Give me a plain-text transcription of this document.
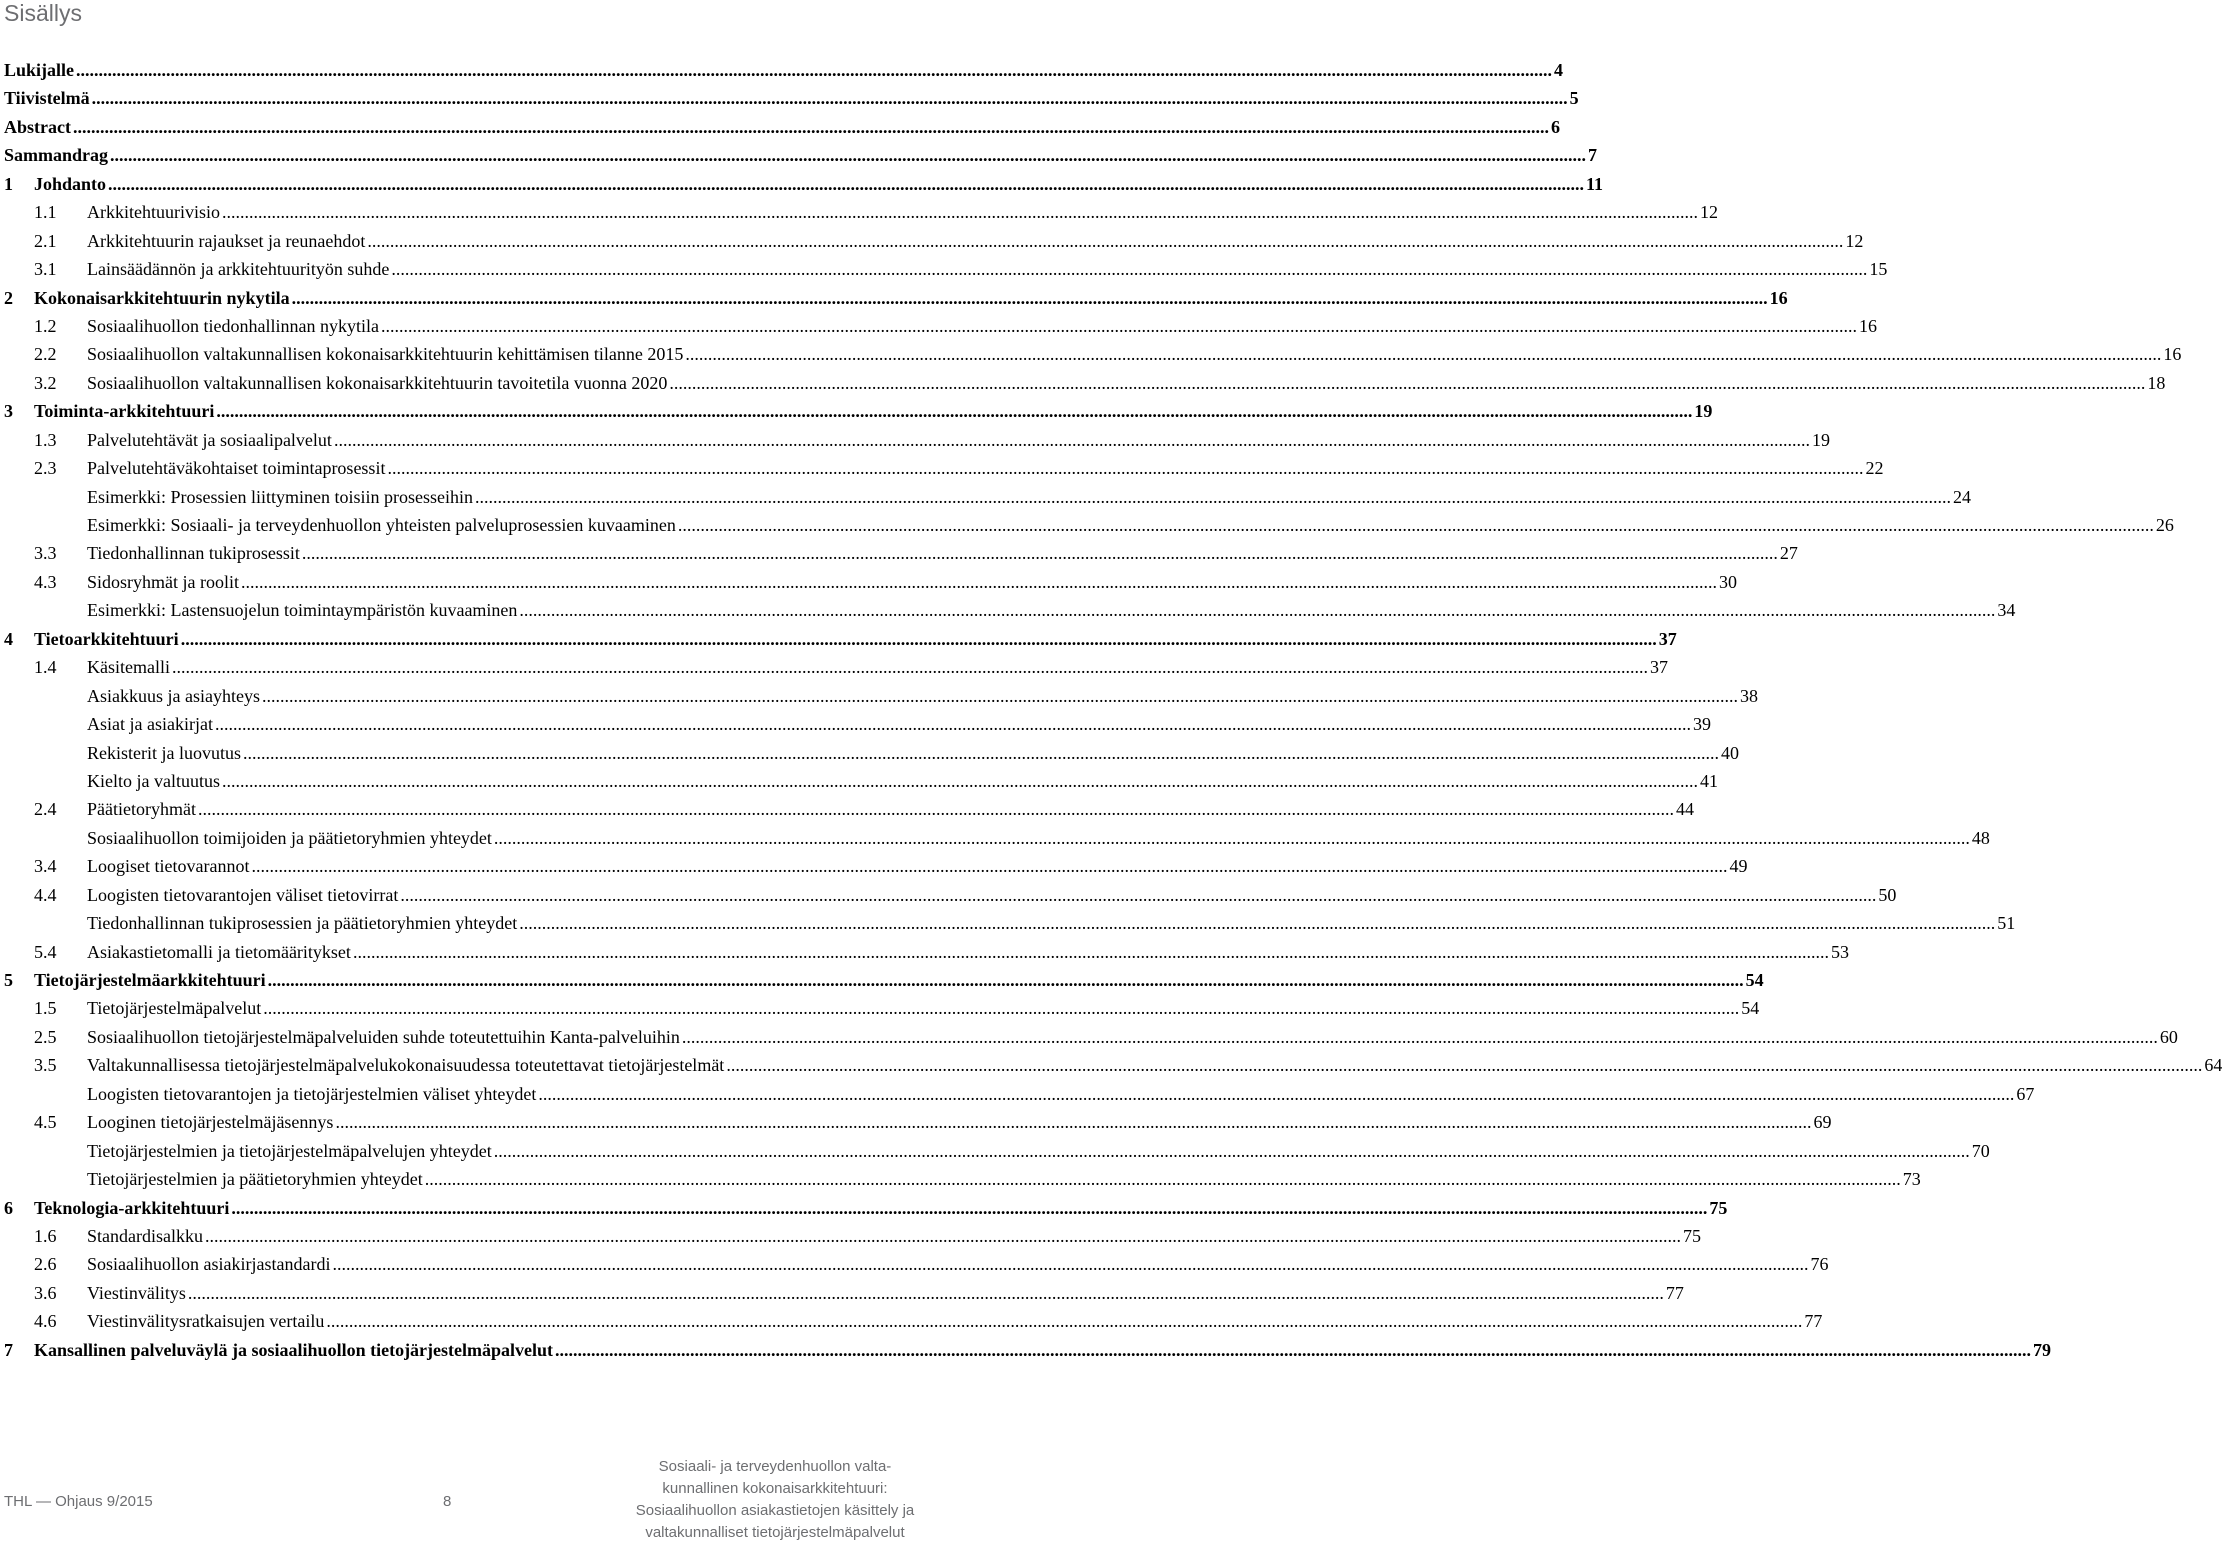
Sisällys
Lukijalle .....	4
Tiivistelmä .....	5
Abstract .....	6
Sammandrag .....	7
1	Johdanto .....	11
1.1	Arkkitehtuurivisio .....	12
2.1	Arkkitehtuurin rajaukset ja reunaehdot .....	12
3.1	Lainsäädännön ja arkkitehtuurityön suhde .....	15
2	Kokonaisarkkitehtuurin nykytila .....	16
1.2	Sosiaalihuollon tiedonhallinnan nykytila .....	16
2.2	Sosiaalihuollon valtakunnallisen kokonaisarkkitehtuurin kehittämisen tilanne 2015 .....	16
3.2	Sosiaalihuollon valtakunnallisen kokonaisarkkitehtuurin tavoitetila vuonna 2020 .....	18
3	Toiminta-arkkitehtuuri .....	19
1.3	Palvelutehtävät ja sosiaalipalvelut .....	19
2.3	Palvelutehtäväkohtaiset toimintaprosessit .....	22
Esimerkki: Prosessien liittyminen toisiin prosesseihin .....	24
Esimerkki: Sosiaali- ja terveydenhuollon yhteisten palveluprosessien kuvaaminen .....	26
3.3	Tiedonhallinnan tukiprosessit .....	27
4.3	Sidosryhmät ja roolit .....	30
Esimerkki: Lastensuojelun toimintaympäristön kuvaaminen .....	34
4	Tietoarkkitehtuuri .....	37
1.4	Käsitemalli .....	37
Asiakkuus ja asiayhteys .....	38
Asiat ja asiakirjat .....	39
Rekisterit ja luovutus .....	40
Kielto ja valtuutus .....	41
2.4	Päätietoryhmät .....	44
Sosiaalihuollon toimijoiden ja päätietoryhmien yhteydet .....	48
3.4	Loogiset tietovarannot .....	49
4.4	Loogisten tietovarantojen väliset tietovirrat .....	50
Tiedonhallinnan tukiprosessien ja päätietoryhmien yhteydet .....	51
5.4	Asiakastietomalli ja tietomääritykset .....	53
5	Tietojärjestelmäarkkitehtuuri .....	54
1.5	Tietojärjestelmäpalvelut .....	54
2.5	Sosiaalihuollon tietojärjestelmäpalveluiden suhde toteutettuihin Kanta-palveluihin .....	60
3.5	Valtakunnallisessa tietojärjestelmäpalvelukokonaisuudessa toteutettavat tietojärjestelmät .....	64
Loogisten tietovarantojen ja tietojärjestelmien väliset yhteydet .....	67
4.5	Looginen tietojärjestelmäjäsennys .....	69
Tietojärjestelmien ja tietojärjestelmäpalvelujen yhteydet .....	70
Tietojärjestelmien ja päätietoryhmien yhteydet .....	73
6	Teknologia-arkkitehtuuri .....	75
1.6	Standardisalkku .....	75
2.6	Sosiaalihuollon asiakirjastandardi .....	76
3.6	Viestinvälitys .....	77
4.6	Viestinvälitysratkaisujen vertailu .....	77
7	Kansallinen palveluväylä ja sosiaalihuollon tietojärjestelmäpalvelut .....	79
THL — Ohjaus 9/2015	8
Sosiaali- ja terveydenhuollon valta-
kunnallinen kokonaisarkkitehtuuri:
Sosiaalihuollon asiakastietojen käsittely ja
valtakunnalliset tietojärjestelmäpalvelut
